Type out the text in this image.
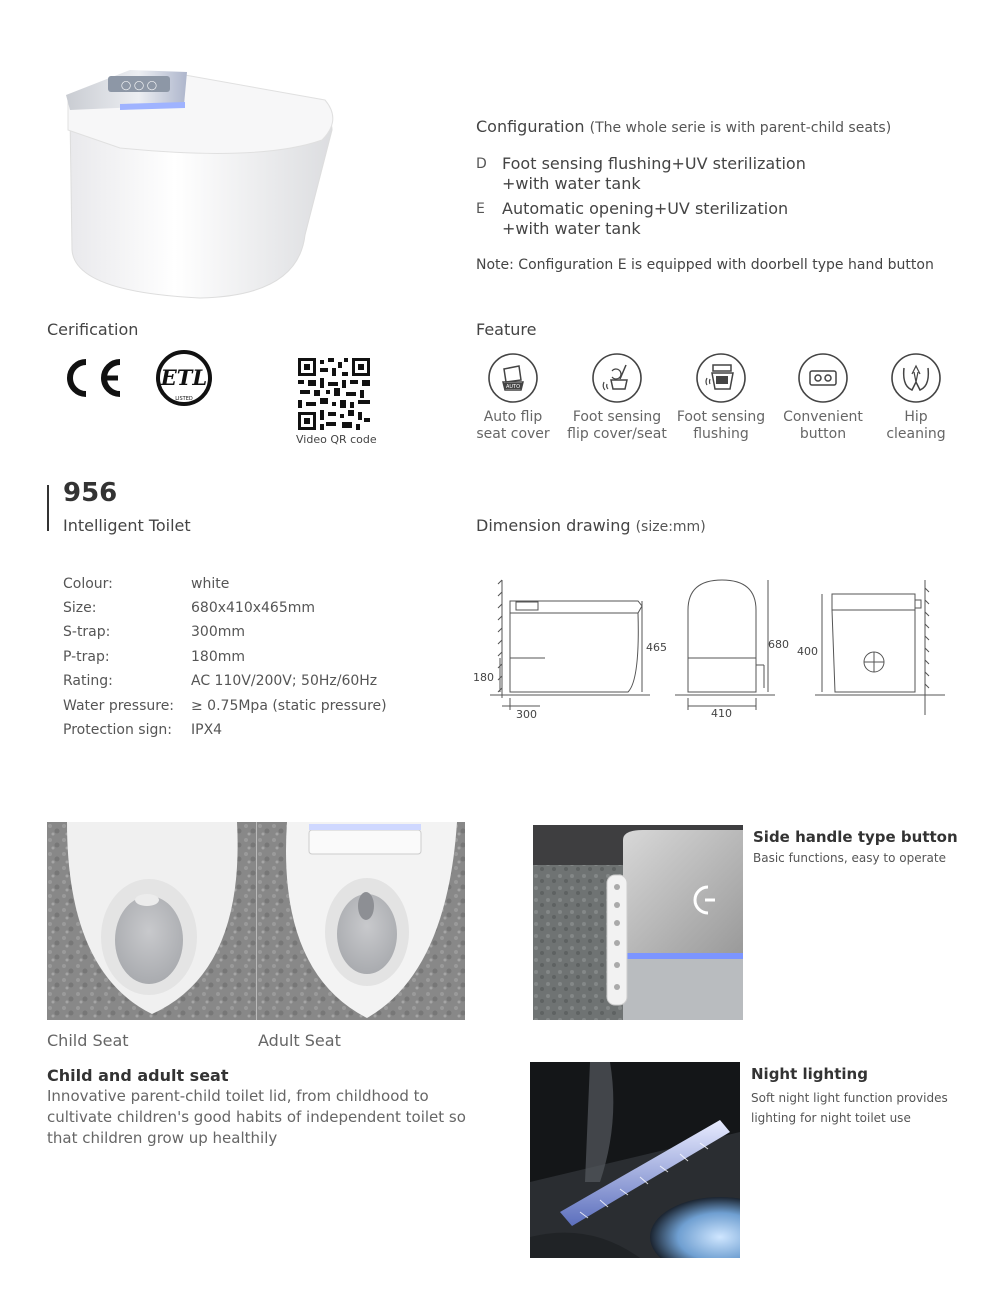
◯ ◯ ◯
Configuration (The whole serie is with parent-child seats)
D Foot sensing flushing+UV sterilization
+with water tank
E Automatic opening+UV sterilization
+with water tank
Note: Configuration E is equipped with doorbell type hand button
Cerification
ETL
LISTED
Video QR code
Feature
AUTO
Auto flip
seat cover
Foot sensing
flip cover/seat
Foot sensing
flushing
Convenient
button
Hip
cleaning
956
Intelligent Toilet
Colour:	white
Size:	680x410x465mm
S-trap:	300mm
P-trap:	180mm
Rating:	AC 110V/200V; 50Hz/60Hz
Water pressure: ≥ 0.75Mpa (static pressure)
Protection sign: IPX4
Dimension drawing (size:mm)
465
180
300
680
410
400
Child Seat	Adult Seat
Child and adult seat
Innovative parent-child toilet lid, from childhood to cultivate children's good habits of independent toilet so that children grow up healthily
Side handle type button
Basic functions, easy to operate
Night lighting
Soft night light function provides lighting for night toilet use
